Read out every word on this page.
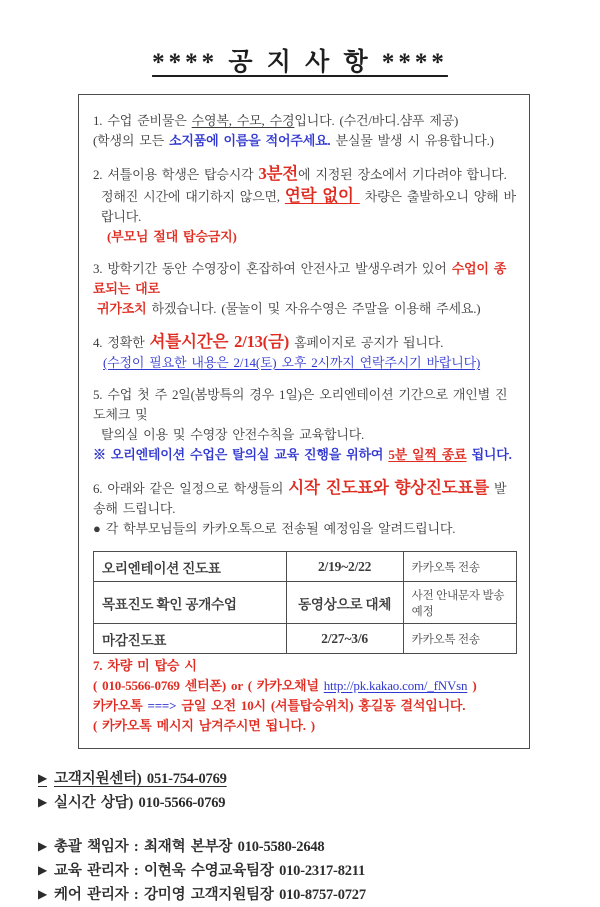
**** 공 지 사 항 ****
1. 수업 준비물은 수영복, 수모, 수경입니다. (수건/바디.샴푸 제공)
(학생의 모든 소지품에 이름을 적어주세요. 분실물 발생 시 유용합니다.)
2. 셔틀이용 학생은 탑승시각 3분전에 지정된 장소에서 기다려야 합니다.
정해진 시간에 대기하지 않으면, 연락 없이  차량은 출발하오니 양해 바랍니다.
(부모님 절대 탑승금지)
3. 방학기간 동안 수영장이 혼잡하여 안전사고 발생우려가 있어 수업이 종료되는 대로
귀가조치 하겠습니다. (물놀이 및 자유수영은 주말을 이용해 주세요.)
4. 정확한 셔틀시간은 2/13(금) 홈페이지로 공지가 됩니다.
(수정이 필요한 내용은 2/14(토) 오후 2시까지 연락주시기 바랍니다)
5. 수업 첫 주 2일(봄방특의 경우 1일)은 오리엔테이션 기간으로 개인별 진도체크 및
탈의실 이용 및 수영장 안전수칙을 교육합니다.
※ 오리엔테이션 수업은 탈의실 교육 진행을 위하여 5분 일찍 종료 됩니다.
6. 아래와 같은 일정으로 학생들의 시작 진도표와 향상진도표를 발송해 드립니다.
● 각 학부모님들의 카카오톡으로 전송될 예정임을 알려드립니다.
오리엔테이션 진도표	2/19~2/22	카카오톡 전송
목표진도 확인 공개수업	동영상으로 대체	사전 안내문자 발송예정
마감진도표	2/27~3/6	카카오톡 전송
7. 차량 미 탑승 시
( 010-5566-0769 센터폰) or ( 카카오채널 http://pk.kakao.com/_fNVsn )
카카오톡 ===> 금일 오전 10시 (셔틀탑승위치) 홍길동 결석입니다.
( 카카오톡 메시지 남겨주시면 됩니다. )
▶ 고객지원센터) 051-754-0769
▶ 실시간 상담) 010-5566-0769
▶ 총괄 책임자 : 최재혁 본부장 010-5580-2648
▶ 교육 관리자 : 이현욱 수영교육팀장 010-2317-8211
▶ 케어 관리자 : 강미영 고객지원팀장 010-8757-0727
